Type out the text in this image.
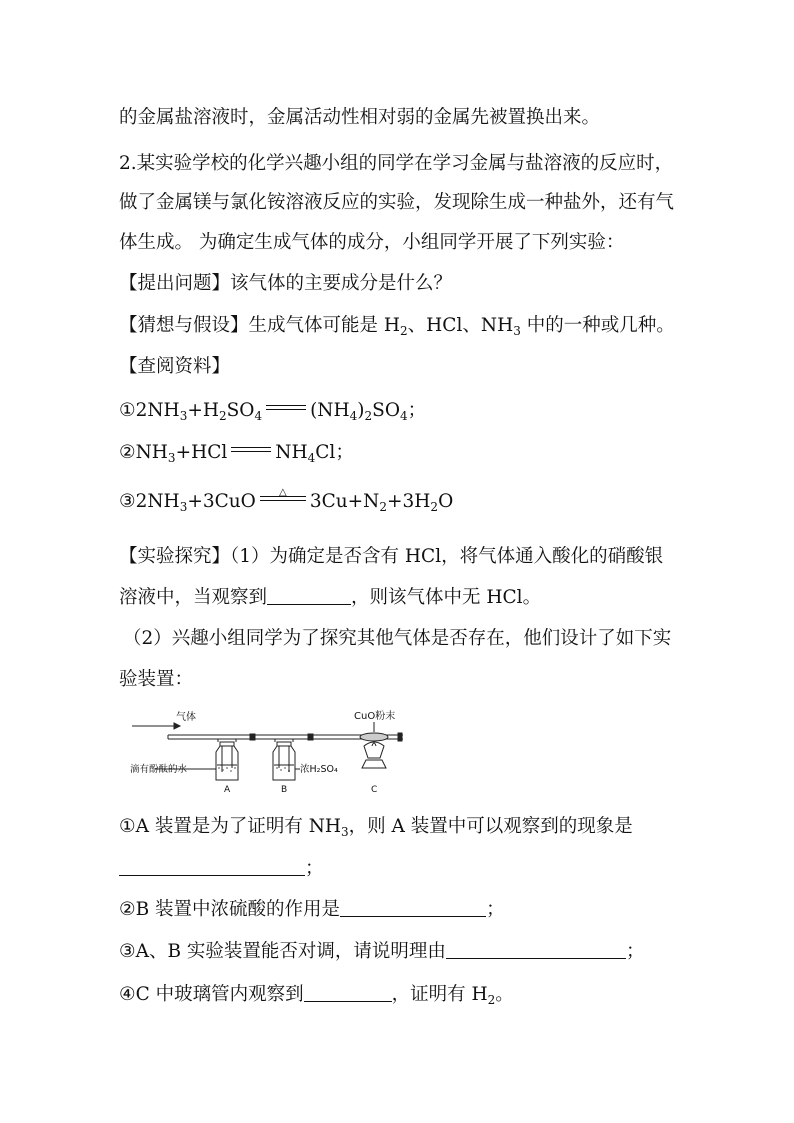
的金属盐溶液时，金属活动性相对弱的金属先被置换出来。
2.某实验学校的化学兴趣小组的同学在学习金属与盐溶液的反应时，
做了金属镁与氯化铵溶液反应的实验，发现除生成一种盐外，还有气
体生成。 为确定生成气体的成分，小组同学开展了下列实验：
【提出问题】该气体的主要成分是什么？
【猜想与假设】生成气体可能是 $H_2$、HCl、$NH_3$ 中的一种或几种。
【查阅资料】
$①2NH_3+H_2SO_4$	$(NH_4)_2SO_4$；
$②NH_3+HCl$	$NH_4Cl$；
$③2NH_3+3CuO$	△	$3Cu+N_2+3H_2O$
【实验探究】（1）为确定是否含有 HCl，将气体通入酸化的硝酸银
溶液中，当观察到	，则该气体中无 HCl。
（2）兴趣小组同学为了探究其他气体是否存在，他们设计了如下实
验装置：
气体	CuO粉末
滴有酚酞的水	浓H₂SO₄
A	B	C
①A 装置是为了证明有 $NH_3$，则 A 装置中可以观察到的现象是
；
②B 装置中浓硫酸的作用是	；
③A、B 实验装置能否对调，请说明理由	；
④C 中玻璃管内观察到	，证明有 $H_2$。
